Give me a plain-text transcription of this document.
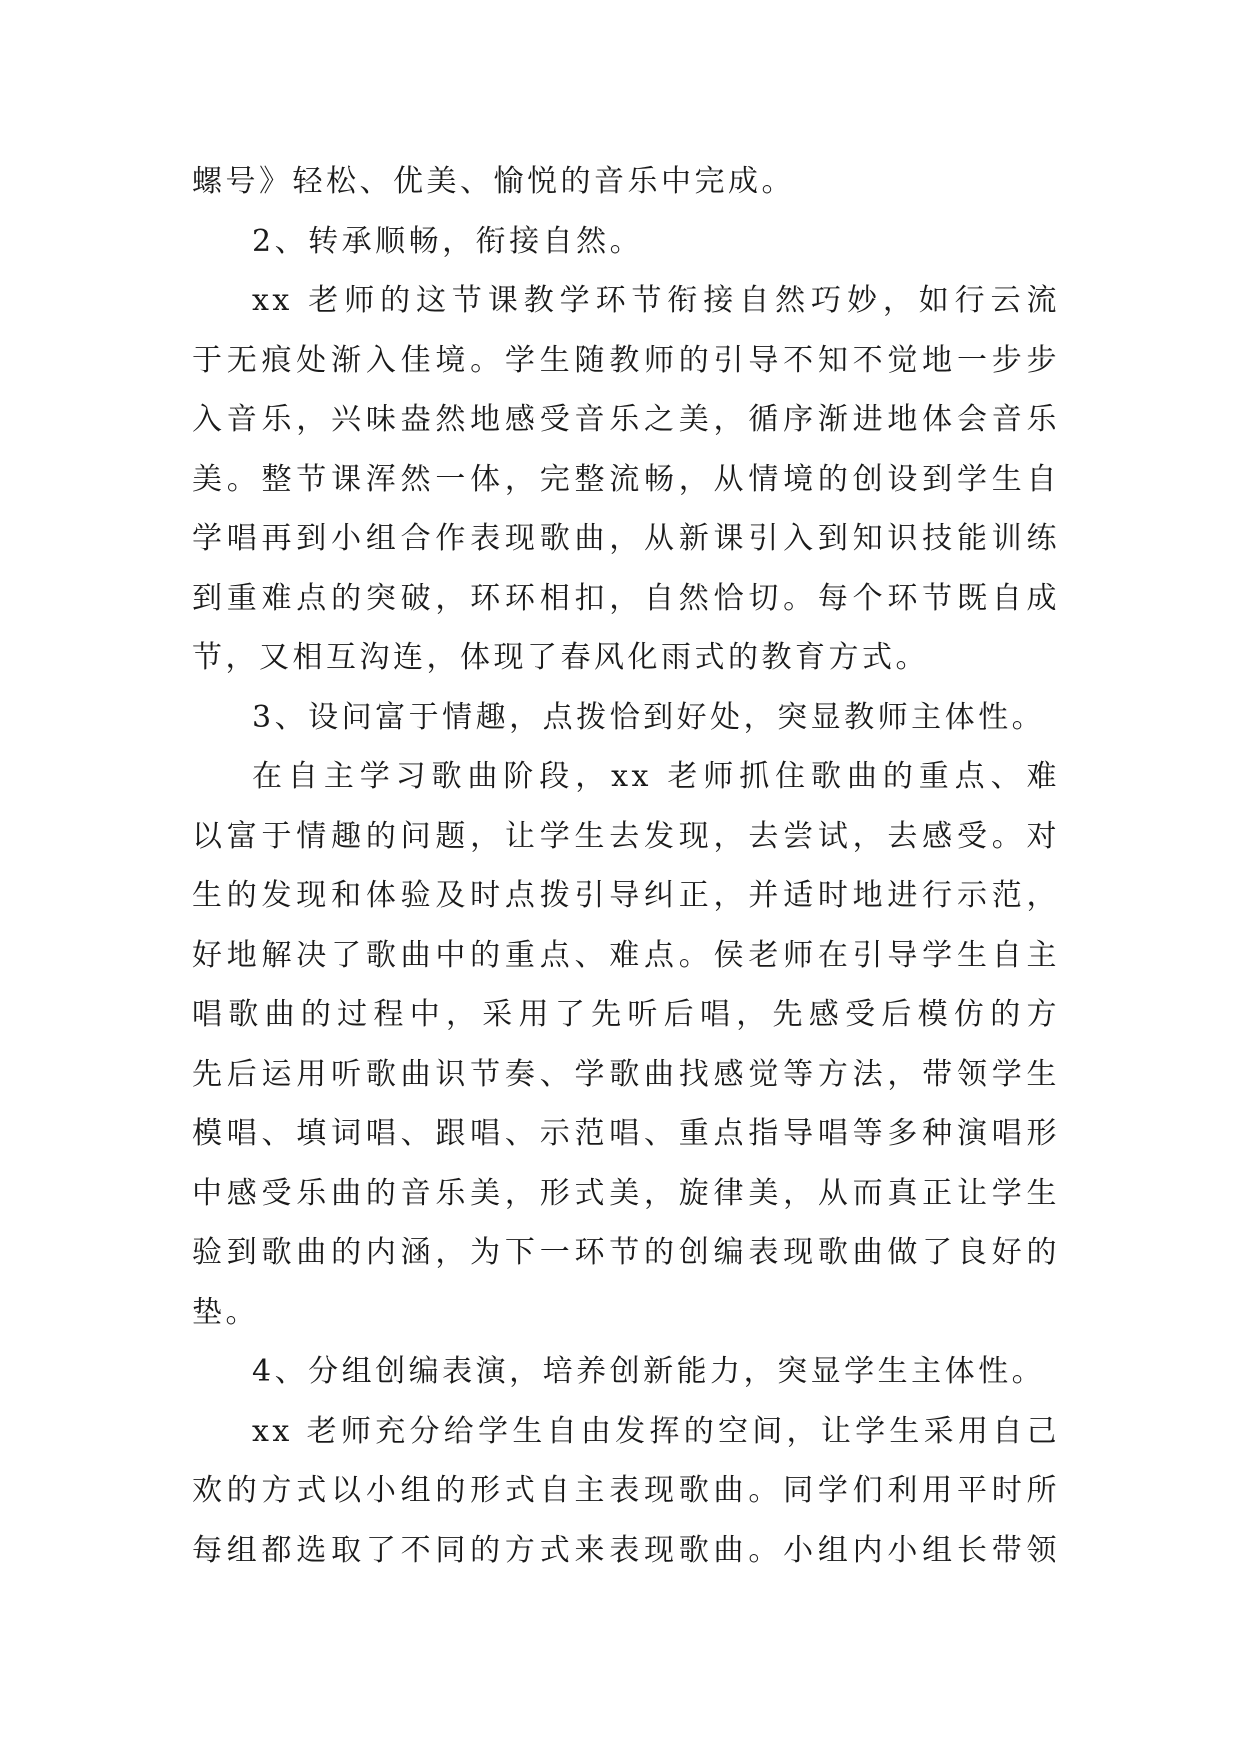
螺号》轻松、优美、愉悦的音乐中完成。
2、转承顺畅，衔接自然。
xx 老师的这节课教学环节衔接自然巧妙，如行云流
于无痕处渐入佳境。学生随教师的引导不知不觉地一步步
入音乐，兴味盎然地感受音乐之美，循序渐进地体会音乐
美。整节课浑然一体，完整流畅，从情境的创设到学生自
学唱再到小组合作表现歌曲，从新课引入到知识技能训练
到重难点的突破，环环相扣，自然恰切。每个环节既自成
节，又相互沟连，体现了春风化雨式的教育方式。
3、设问富于情趣，点拨恰到好处，突显教师主体性。
在自主学习歌曲阶段，xx 老师抓住歌曲的重点、难
以富于情趣的问题，让学生去发现，去尝试，去感受。对
生的发现和体验及时点拨引导纠正，并适时地进行示范，
好地解决了歌曲中的重点、难点。侯老师在引导学生自主
唱歌曲的过程中，采用了先听后唱，先感受后模仿的方
先后运用听歌曲识节奏、学歌曲找感觉等方法，带领学生
模唱、填词唱、跟唱、示范唱、重点指导唱等多种演唱形
中感受乐曲的音乐美，形式美，旋律美，从而真正让学生
验到歌曲的内涵，为下一环节的创编表现歌曲做了良好的
垫。
4、分组创编表演，培养创新能力，突显学生主体性。
xx 老师充分给学生自由发挥的空间，让学生采用自己
欢的方式以小组的形式自主表现歌曲。同学们利用平时所
每组都选取了不同的方式来表现歌曲。小组内小组长带领
